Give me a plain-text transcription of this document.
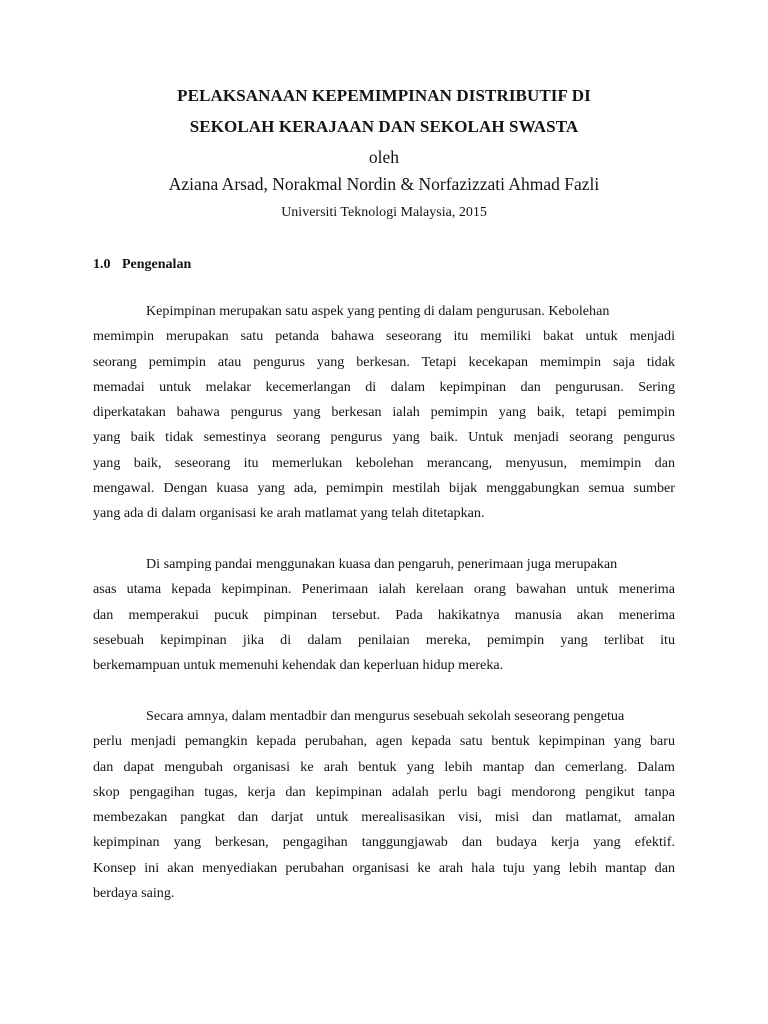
PELAKSANAAN KEPEMIMPINAN DISTRIBUTIF DI
SEKOLAH KERAJAAN DAN SEKOLAH SWASTA
oleh
Aziana Arsad, Norakmal Nordin & Norfazizzati Ahmad Fazli
Universiti Teknologi Malaysia, 2015
1.0 Pengenalan
Kepimpinan merupakan satu aspek yang penting di dalam pengurusan. Kebolehan
memimpin merupakan satu petanda bahawa seseorang itu memiliki bakat untuk menjadi
seorang pemimpin atau pengurus yang berkesan. Tetapi kecekapan memimpin saja tidak
memadai untuk melakar kecemerlangan di dalam kepimpinan dan pengurusan. Sering
diperkatakan bahawa pengurus yang berkesan ialah pemimpin yang baik, tetapi pemimpin
yang baik tidak semestinya seorang pengurus yang baik. Untuk menjadi seorang pengurus
yang baik, seseorang itu memerlukan kebolehan merancang, menyusun, memimpin dan
mengawal. Dengan kuasa yang ada, pemimpin mestilah bijak menggabungkan semua sumber
yang ada di dalam organisasi ke arah matlamat yang telah ditetapkan.
Di samping pandai menggunakan kuasa dan pengaruh, penerimaan juga merupakan
asas utama kepada kepimpinan. Penerimaan ialah kerelaan orang bawahan untuk menerima
dan memperakui pucuk pimpinan tersebut. Pada hakikatnya manusia akan menerima
sesebuah kepimpinan jika di dalam penilaian mereka, pemimpin yang terlibat itu
berkemampuan untuk memenuhi kehendak dan keperluan hidup mereka.
Secara amnya, dalam mentadbir dan mengurus sesebuah sekolah seseorang pengetua
perlu menjadi pemangkin kepada perubahan, agen kepada satu bentuk kepimpinan yang baru
dan dapat mengubah organisasi ke arah bentuk yang lebih mantap dan cemerlang. Dalam
skop pengagihan tugas, kerja dan kepimpinan adalah perlu bagi mendorong pengikut tanpa
membezakan pangkat dan darjat untuk merealisasikan visi, misi dan matlamat, amalan
kepimpinan yang berkesan, pengagihan tanggungjawab dan budaya kerja yang efektif.
Konsep ini akan menyediakan perubahan organisasi ke arah hala tuju yang lebih mantap dan
berdaya saing.
